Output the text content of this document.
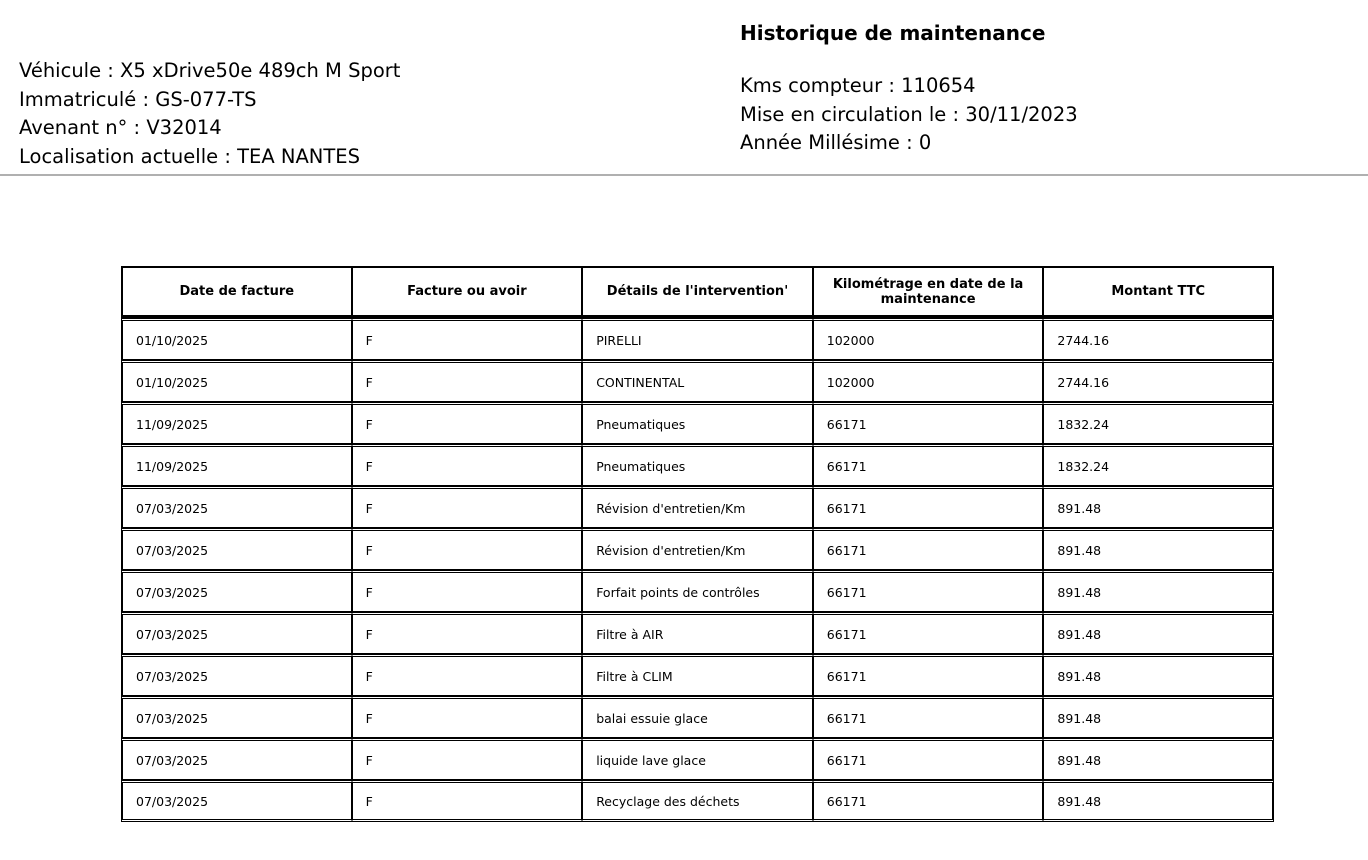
Historique de maintenance
Véhicule : X5 xDrive50e 489ch M Sport
Immatriculé : GS-077-TS
Avenant n° : V32014
Localisation actuelle : TEA NANTES
Kms compteur : 110654
Mise en circulation le : 30/11/2023
Année Millésime : 0
Date de facture	Facture ou avoir	Détails de l'intervention'	Kilométrage en date de la maintenance	Montant TTC
01/10/2025	F	PIRELLI	102000	2744.16
01/10/2025	F	CONTINENTAL	102000	2744.16
11/09/2025	F	Pneumatiques	66171	1832.24
11/09/2025	F	Pneumatiques	66171	1832.24
07/03/2025	F	Révision d'entretien/Km	66171	891.48
07/03/2025	F	Révision d'entretien/Km	66171	891.48
07/03/2025	F	Forfait points de contrôles	66171	891.48
07/03/2025	F	Filtre à AIR	66171	891.48
07/03/2025	F	Filtre à CLIM	66171	891.48
07/03/2025	F	balai essuie glace	66171	891.48
07/03/2025	F	liquide lave glace	66171	891.48
07/03/2025	F	Recyclage des déchets	66171	891.48
